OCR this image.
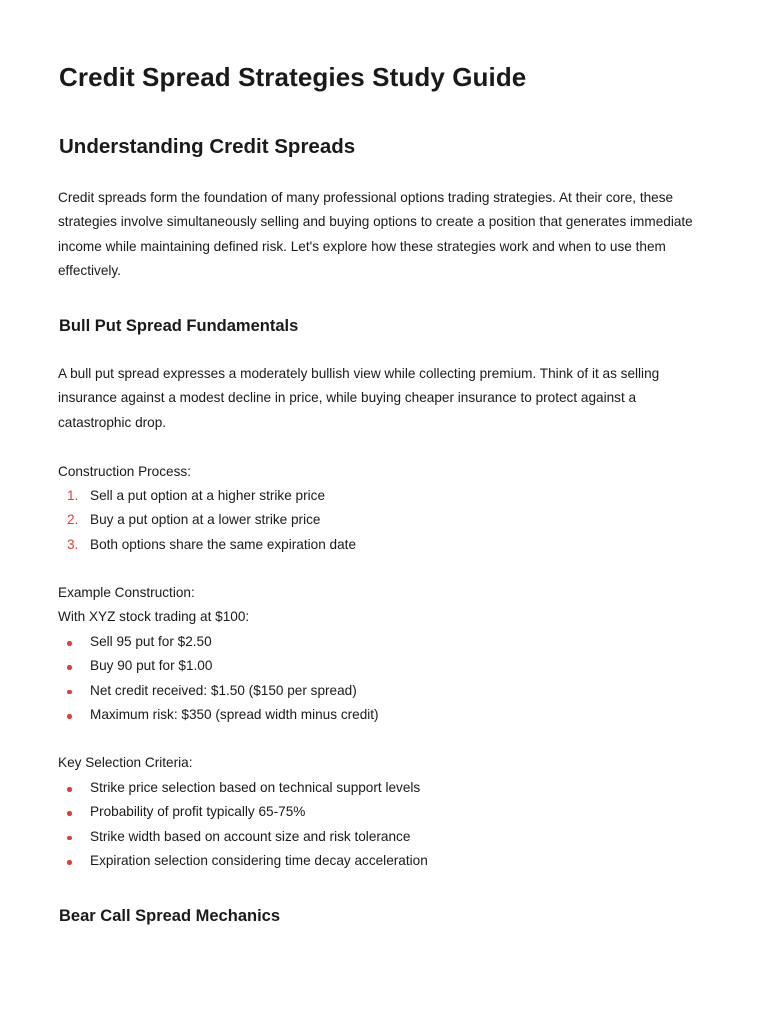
Credit Spread Strategies Study Guide
Understanding Credit Spreads

Credit spreads form the foundation of many professional options trading strategies. At their core, these strategies involve simultaneously selling and buying options to create a position that generates immediate income while maintaining defined risk. Let's explore how these strategies work and when to use them effectively.

Bull Put Spread Fundamentals

A bull put spread expresses a moderately bullish view while collecting premium. Think of it as selling insurance against a modest decline in price, while buying cheaper insurance to protect against a catastrophic drop.

Construction Process:

1. Sell a put option at a higher strike price
2. Buy a put option at a lower strike price
3. Both options share the same expiration date

Example Construction:

With XYZ stock trading at $100:

Sell 95 put for $2.50
Buy 90 put for $1.00
Net credit received: $1.50 ($150 per spread)
Maximum risk: $350 (spread width minus credit)

Key Selection Criteria:

Strike price selection based on technical support levels
Probability of profit typically 65-75%
Strike width based on account size and risk tolerance
Expiration selection considering time decay acceleration
Bear Call Spread Mechanics
